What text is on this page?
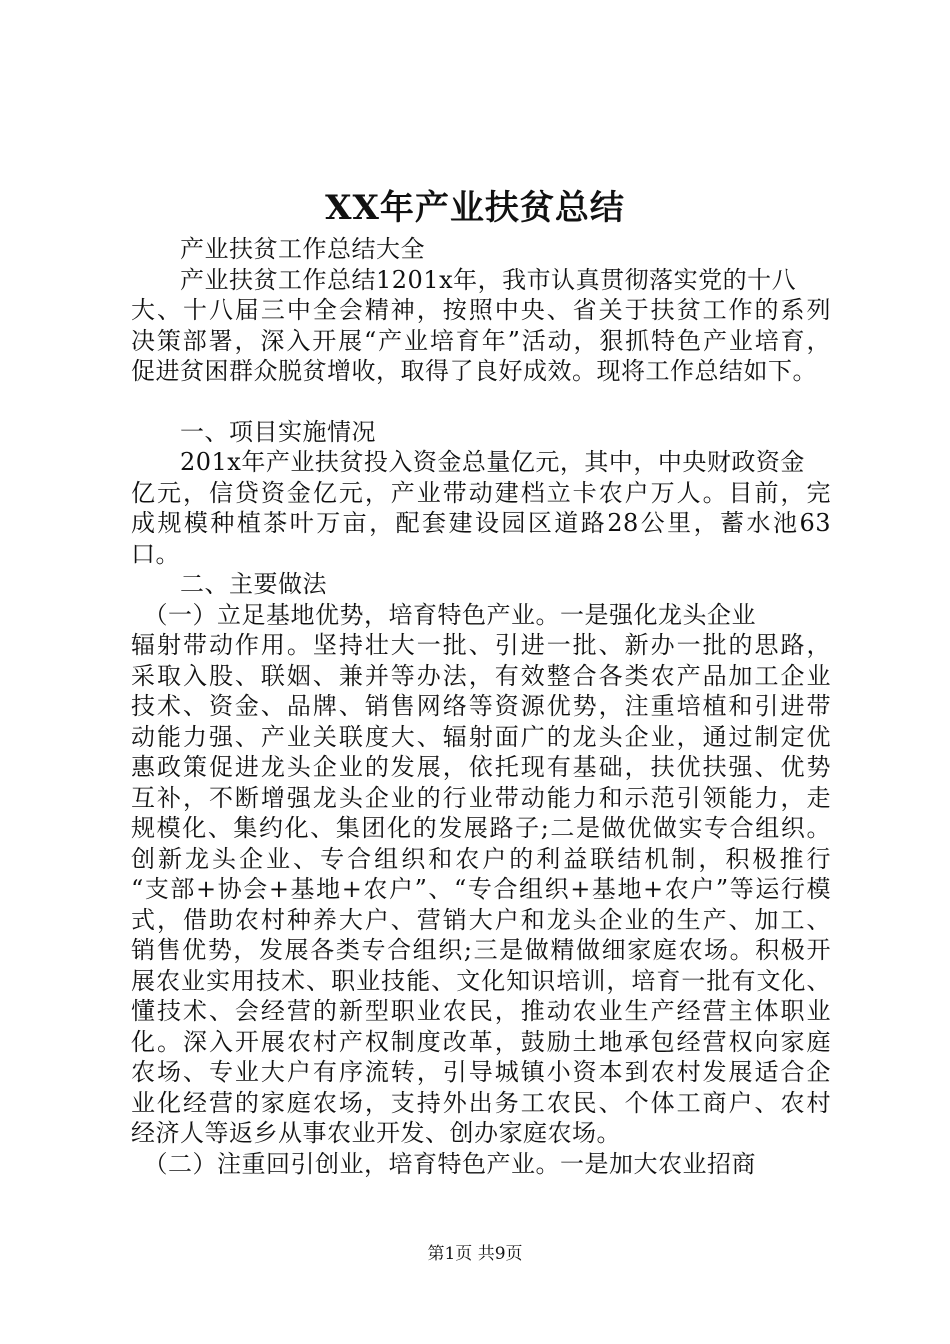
XX年产业扶贫总结
　　产业扶贫工作总结大全
　　产业扶贫工作总结1201x年，我市认真贯彻落实党的十八
大、十八届三中全会精神，按照中央、省关于扶贫工作的系列
决策部署，深入开展“产业培育年”活动，狠抓特色产业培育，
促进贫困群众脱贫增收，取得了良好成效。现将工作总结如下。
　　一、项目实施情况
　　201x年产业扶贫投入资金总量亿元，其中，中央财政资金
亿元，信贷资金亿元，产业带动建档立卡农户万人。目前，完
成规模种植茶叶万亩，配套建设园区道路28公里，蓄水池63
口。
　　二、主要做法
　（一）立足基地优势，培育特色产业。一是强化龙头企业
辐射带动作用。坚持壮大一批、引进一批、新办一批的思路，
采取入股、联姻、兼并等办法，有效整合各类农产品加工企业
技术、资金、品牌、销售网络等资源优势，注重培植和引进带
动能力强、产业关联度大、辐射面广的龙头企业，通过制定优
惠政策促进龙头企业的发展，依托现有基础，扶优扶强、优势
互补，不断增强龙头企业的行业带动能力和示范引领能力，走
规模化、集约化、集团化的发展路子;二是做优做实专合组织。
创新龙头企业、专合组织和农户的利益联结机制，积极推行
“支部+协会+基地+农户”、“专合组织+基地+农户”等运行模
式，借助农村种养大户、营销大户和龙头企业的生产、加工、
销售优势，发展各类专合组织;三是做精做细家庭农场。积极开
展农业实用技术、职业技能、文化知识培训，培育一批有文化、
懂技术、会经营的新型职业农民，推动农业生产经营主体职业
化。深入开展农村产权制度改革，鼓励土地承包经营权向家庭
农场、专业大户有序流转，引导城镇小资本到农村发展适合企
业化经营的家庭农场，支持外出务工农民、个体工商户、农村
经济人等返乡从事农业开发、创办家庭农场。
　（二）注重回引创业，培育特色产业。一是加大农业招商
第1页 共9页
